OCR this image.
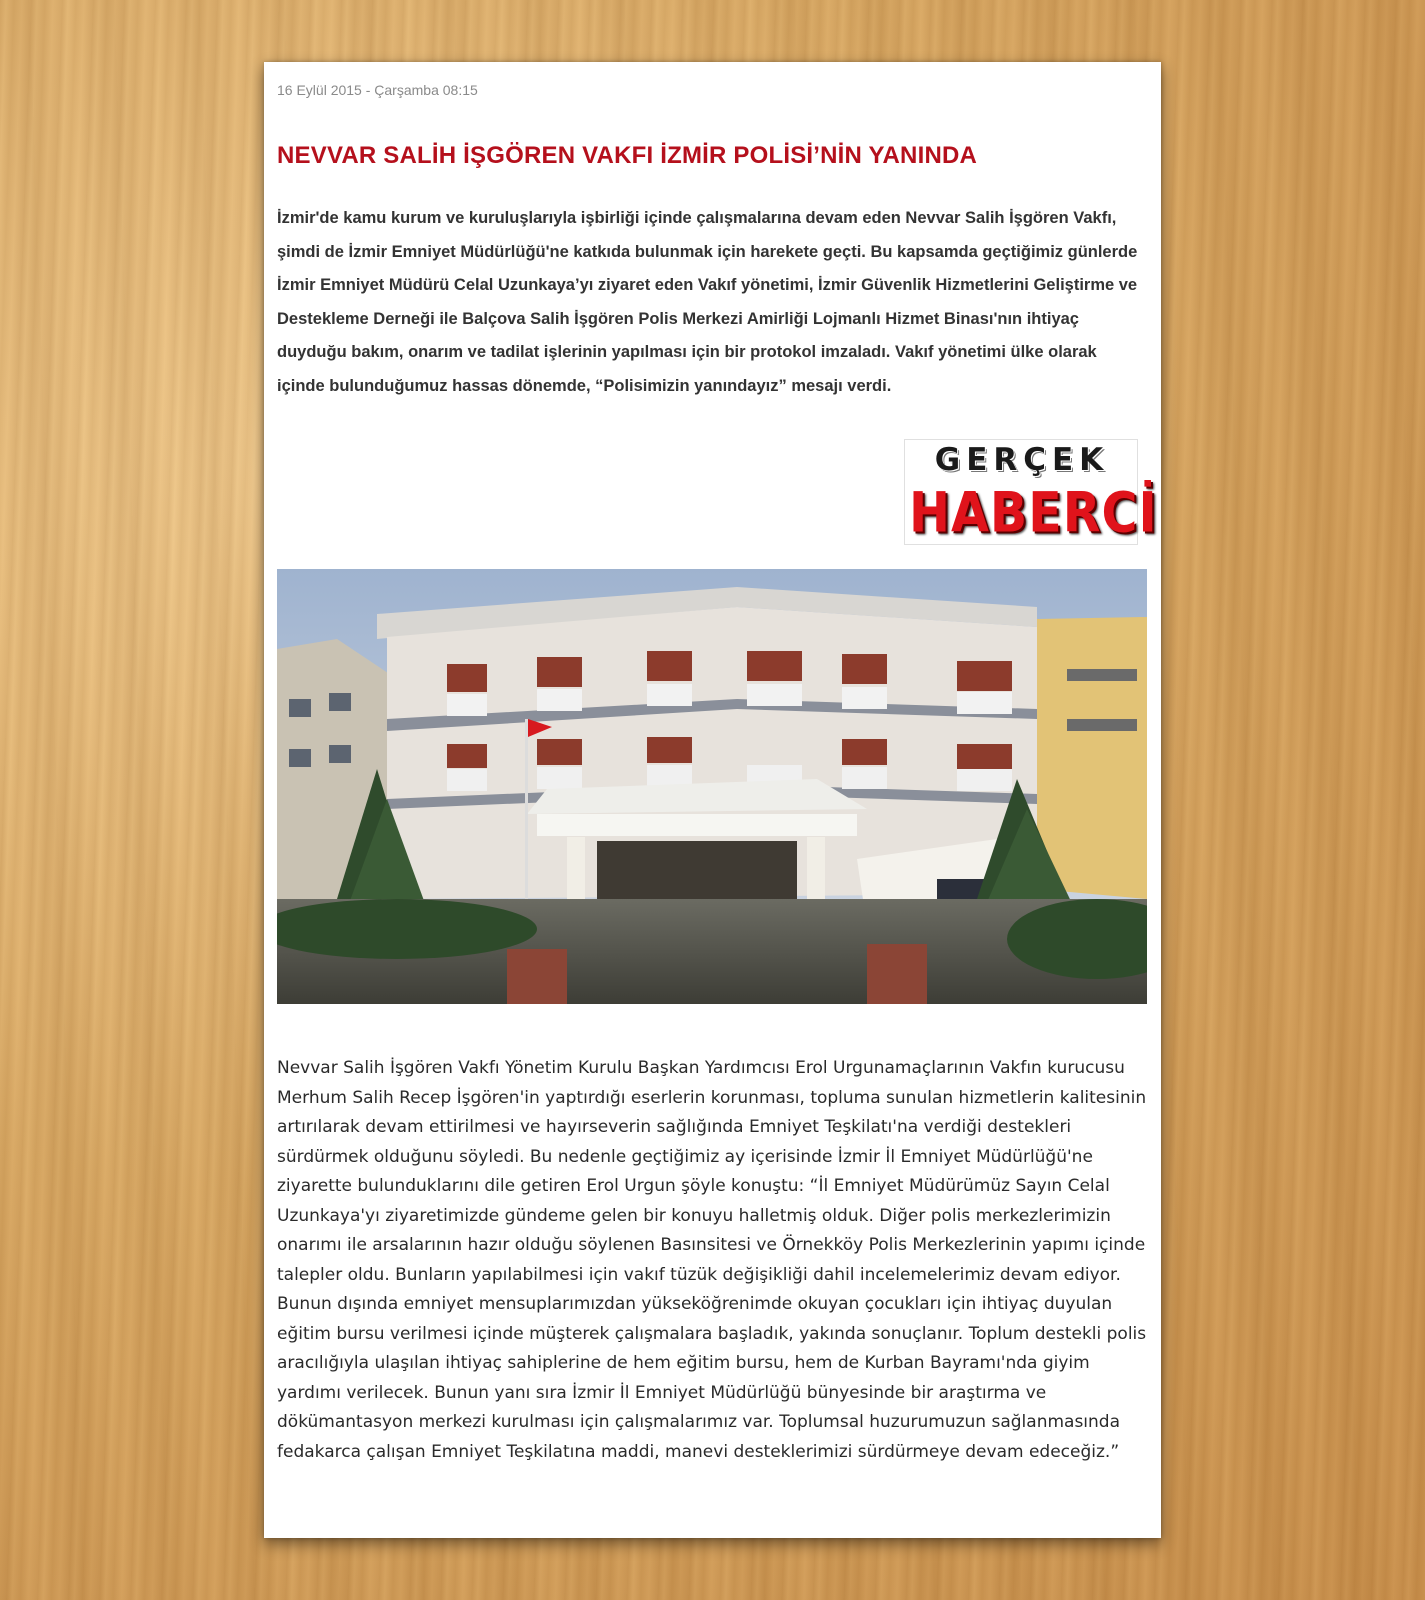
16 Eylül 2015 - Çarşamba 08:15
NEVVAR SALİH İŞGÖREN VAKFI İZMİR POLİSİ’NİN YANINDA

İzmir'de kamu kurum ve kuruluşlarıyla işbirliği içinde çalışmalarına devam eden Nevvar Salih İşgören Vakfı, şimdi de İzmir Emniyet Müdürlüğü'ne katkıda bulunmak için harekete geçti. Bu kapsamda geçtiğimiz günlerde İzmir Emniyet Müdürü Celal Uzunkaya’yı ziyaret eden Vakıf yönetimi, İzmir Güvenlik Hizmetlerini Geliştirme ve Destekleme Derneği ile Balçova Salih İşgören Polis Merkezi Amirliği Lojmanlı Hizmet Binası'nın ihtiyaç duyduğu bakım, onarım ve tadilat işlerinin yapılması için bir protokol imzaladı. Vakıf yönetimi ülke olarak içinde bulunduğumuz hassas dönemde, “Polisimizin yanındayız” mesajı verdi.

GERÇEK
HABERCİ

Nevvar Salih İşgören Vakfı Yönetim Kurulu Başkan Yardımcısı Erol Urgunamaçlarının Vakfın kurucusu Merhum Salih Recep İşgören'in yaptırdığı eserlerin korunması, topluma sunulan hizmetlerin kalitesinin artırılarak devam ettirilmesi ve hayırseverin sağlığında Emniyet Teşkilatı'na verdiği destekleri sürdürmek olduğunu söyledi. Bu nedenle geçtiğimiz ay içerisinde İzmir İl Emniyet Müdürlüğü'ne ziyarette bulunduklarını dile getiren Erol Urgun şöyle konuştu: “İl Emniyet Müdürümüz Sayın Celal Uzunkaya'yı ziyaretimizde gündeme gelen bir konuyu halletmiş olduk. Diğer polis merkezlerimizin onarımı ile arsalarının hazır olduğu söylenen Basınsitesi ve Örnekköy Polis Merkezlerinin yapımı içinde talepler oldu. Bunların yapılabilmesi için vakıf tüzük değişikliği dahil incelemelerimiz devam ediyor. Bunun dışında emniyet mensuplarımızdan yükseköğrenimde okuyan çocukları için ihtiyaç duyulan eğitim bursu verilmesi içinde müşterek çalışmalara başladık, yakında sonuçlanır. Toplum destekli polis aracılığıyla ulaşılan ihtiyaç sahiplerine de hem eğitim bursu, hem de Kurban Bayramı'nda giyim yardımı verilecek. Bunun yanı sıra İzmir İl Emniyet Müdürlüğü bünyesinde bir araştırma ve dökümantasyon merkezi kurulması için çalışmalarımız var. Toplumsal huzurumuzun sağlanmasında fedakarca çalışan Emniyet Teşkilatına maddi, manevi desteklerimizi sürdürmeye devam edeceğiz.”
